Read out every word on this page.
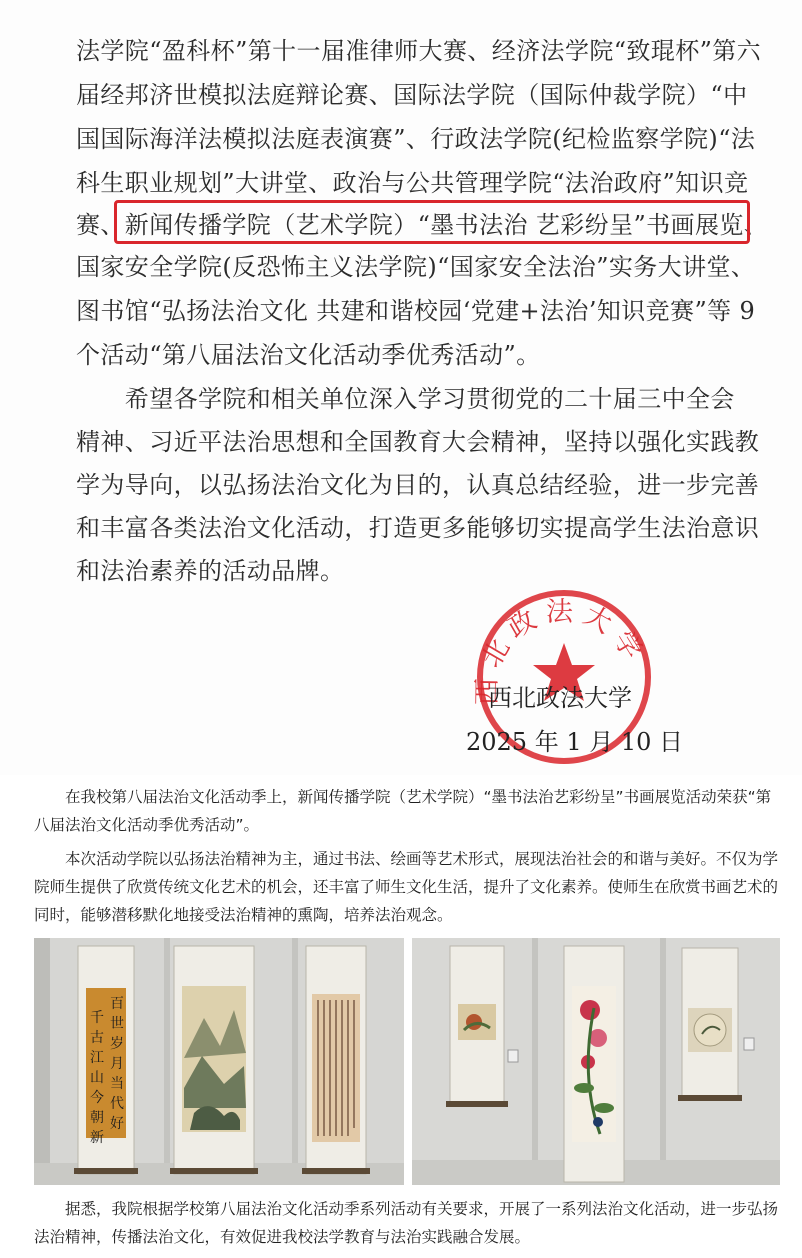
法学院“盈科杯”第十一届准律师大赛、经济法学院“致琨杯”第六
届经邦济世模拟法庭辩论赛、国际法学院（国际仲裁学院）“中
国国际海洋法模拟法庭表演赛”、行政法学院(纪检监察学院)“法
科生职业规划”大讲堂、政治与公共管理学院“法治政府”知识竞
赛、新闻传播学院（艺术学院）“墨书法治 艺彩纷呈”书画展览、
国家安全学院(反恐怖主义法学院)“国家安全法治”实务大讲堂、
图书馆“弘扬法治文化 共建和谐校园‘党建+法治’知识竞赛”等 9
个活动“第八届法治文化活动季优秀活动”。
　　希望各学院和相关单位深入学习贯彻党的二十届三中全会
精神、习近平法治思想和全国教育大会精神，坚持以强化实践教
学为导向，以弘扬法治文化为目的，认真总结经验，进一步完善
和丰富各类法治文化活动，打造更多能够切实提高学生法治意识
和法治素养的活动品牌。
西北政法大学
西北政法大学
2025 年 1 月 10 日

在我校第八届法治文化活动季上，新闻传播学院（艺术学院）“墨书法治艺彩纷呈”书画展览活动荣获“第八届法治文化活动季优秀活动”。

本次活动学院以弘扬法治精神为主，通过书法、绘画等艺术形式，展现法治社会的和谐与美好。不仅为学院师生提供了欣赏传统文化艺术的机会，还丰富了师生文化生活，提升了文化素养。使师生在欣赏书画艺术的同时，能够潜移默化地接受法治精神的熏陶，培养法治观念。

百世岁月当代好
千古江山今朝新

据悉，我院根据学校第八届法治文化活动季系列活动有关要求，开展了一系列法治文化活动，进一步弘扬法治精神，传播法治文化，有效促进我校法学教育与法治实践融合发展。
